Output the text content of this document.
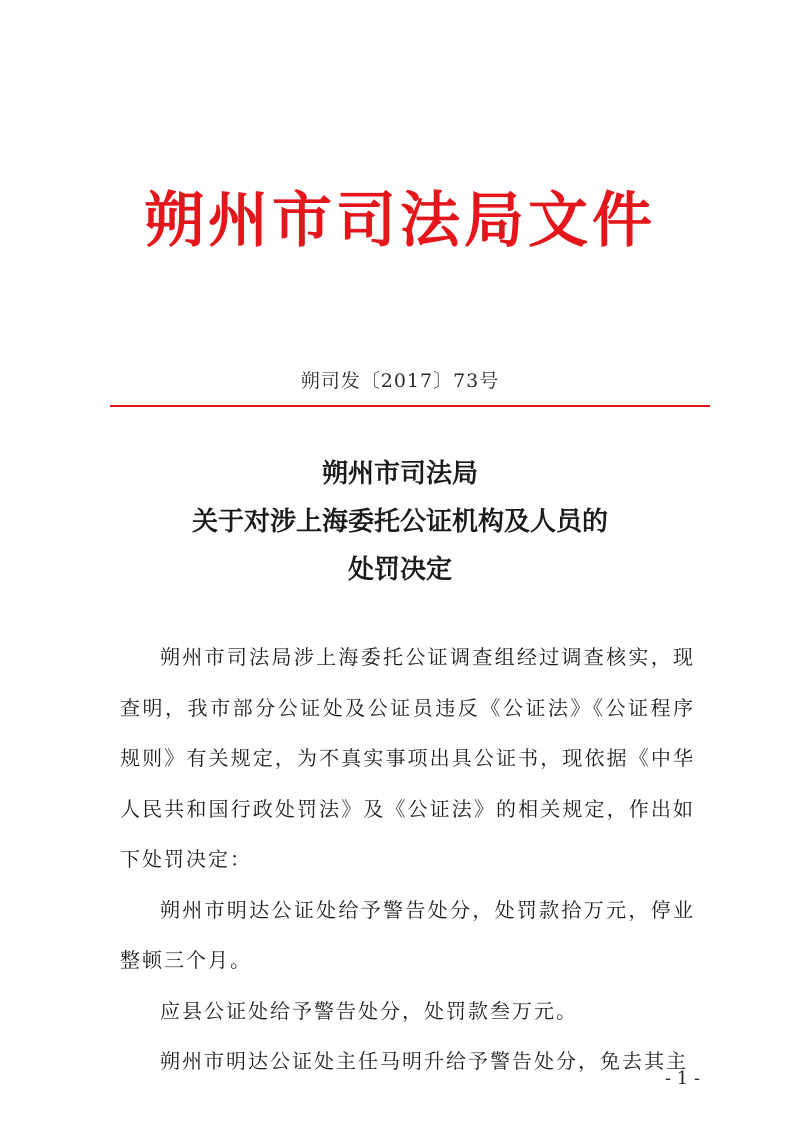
朔州市司法局文件
朔司发〔2017〕73号
朔州市司法局
关于对涉上海委托公证机构及人员的
处罚决定

朔州市司法局涉上海委托公证调查组经过调查核实，现查明，我市部分公证处及公证员违反《公证法》《公证程序规则》有关规定，为不真实事项出具公证书，现依据《中华人民共和国行政处罚法》及《公证法》的相关规定，作出如下处罚决定：

朔州市明达公证处给予警告处分，处罚款拾万元，停业整顿三个月。

应县公证处给予警告处分，处罚款叁万元。

朔州市明达公证处主任马明升给予警告处分，免去其主

- 1 -
